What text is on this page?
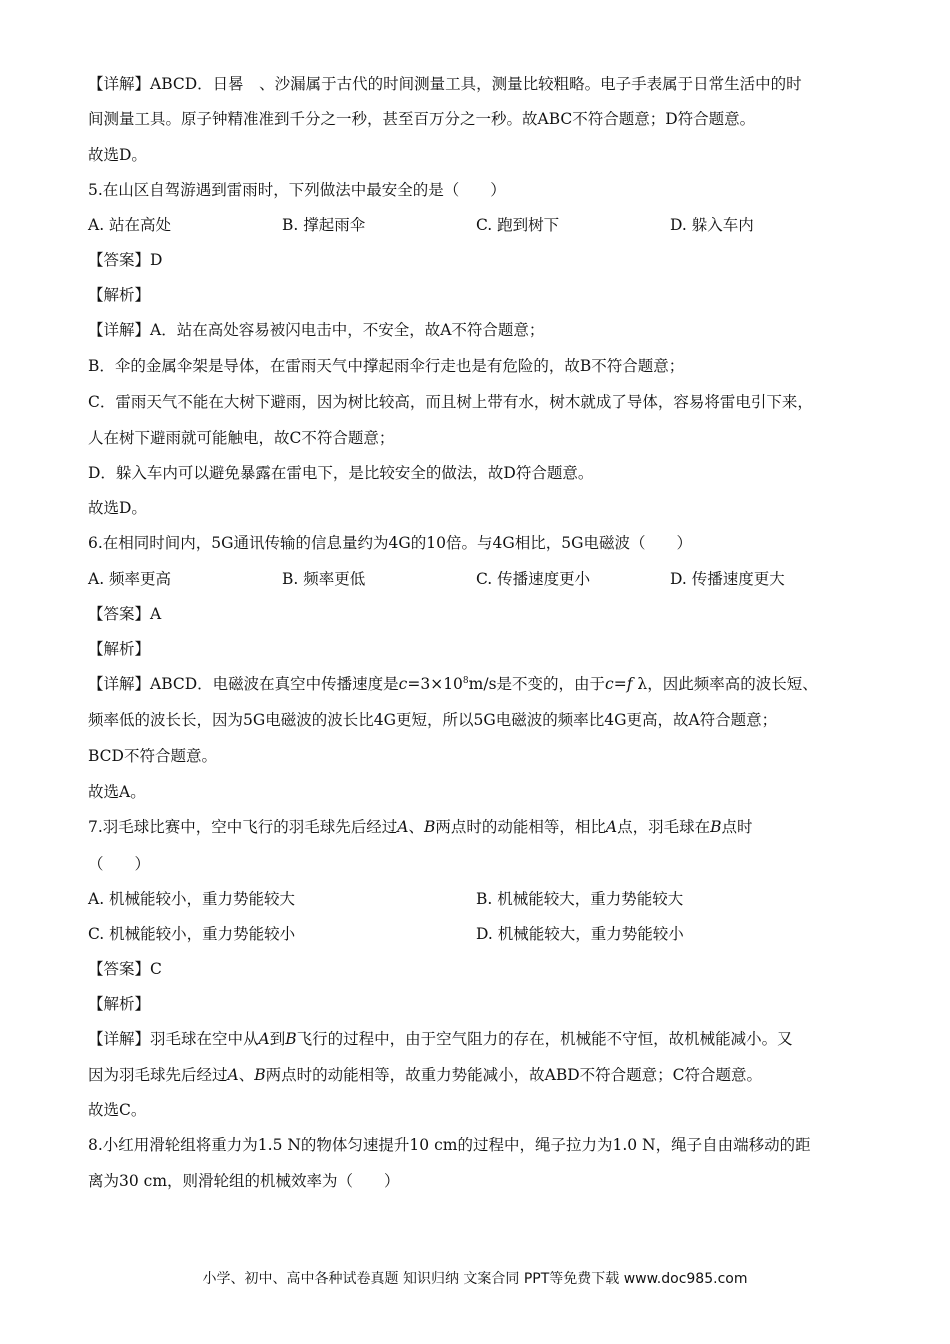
【详解】ABCD．日晷　、沙漏属于古代的时间测量工具，测量比较粗略。电子手表属于日常生活中的时
间测量工具。原子钟精准准到千分之一秒，甚至百万分之一秒。故ABC不符合题意；D符合题意。
故选D。
5.在山区自驾游遇到雷雨时，下列做法中最安全的是（　　）
A. 站在高处	B. 撑起雨伞	C. 跑到树下	D. 躲入车内
【答案】D
【解析】
【详解】A．站在高处容易被闪电击中，不安全，故A不符合题意；
B．伞的金属伞架是导体，在雷雨天气中撑起雨伞行走也是有危险的，故B不符合题意；
C．雷雨天气不能在大树下避雨，因为树比较高，而且树上带有水，树木就成了导体，容易将雷电引下来，
人在树下避雨就可能触电，故C不符合题意；
D．躲入车内可以避免暴露在雷电下，是比较安全的做法，故D符合题意。
故选D。
6.在相同时间内，5G通讯传输的信息量约为4G的10倍。与4G相比，5G电磁波（　　）
A. 频率更高	B. 频率更低	C. 传播速度更小	D. 传播速度更大
【答案】A
【解析】
【详解】ABCD．电磁波在真空中传播速度是$c=3\times 10^8m/s$是不变的，由于c=f λ，因此频率高的波长短、
频率低的波长长，因为5G电磁波的波长比4G更短，所以5G电磁波的频率比4G更高，故A符合题意；
BCD不符合题意。
故选A。
7.羽毛球比赛中，空中飞行的羽毛球先后经过A、B两点时的动能相等，相比A点，羽毛球在B点时
（　　）
A. 机械能较小，重力势能较大	B. 机械能较大，重力势能较大
C. 机械能较小，重力势能较小	D. 机械能较大，重力势能较小
【答案】C
【解析】
【详解】羽毛球在空中从A到B飞行的过程中，由于空气阻力的存在，机械能不守恒，故机械能减小。又
因为羽毛球先后经过A、B两点时的动能相等，故重力势能减小，故ABD不符合题意；C符合题意。
故选C。
8.小红用滑轮组将重力为1.5 N的物体匀速提升10 cm的过程中，绳子拉力为1.0 N，绳子自由端移动的距
离为30 cm，则滑轮组的机械效率为（　　）
小学、初中、高中各种试卷真题 知识归纳 文案合同 PPT等免费下载 www.doc985.com
